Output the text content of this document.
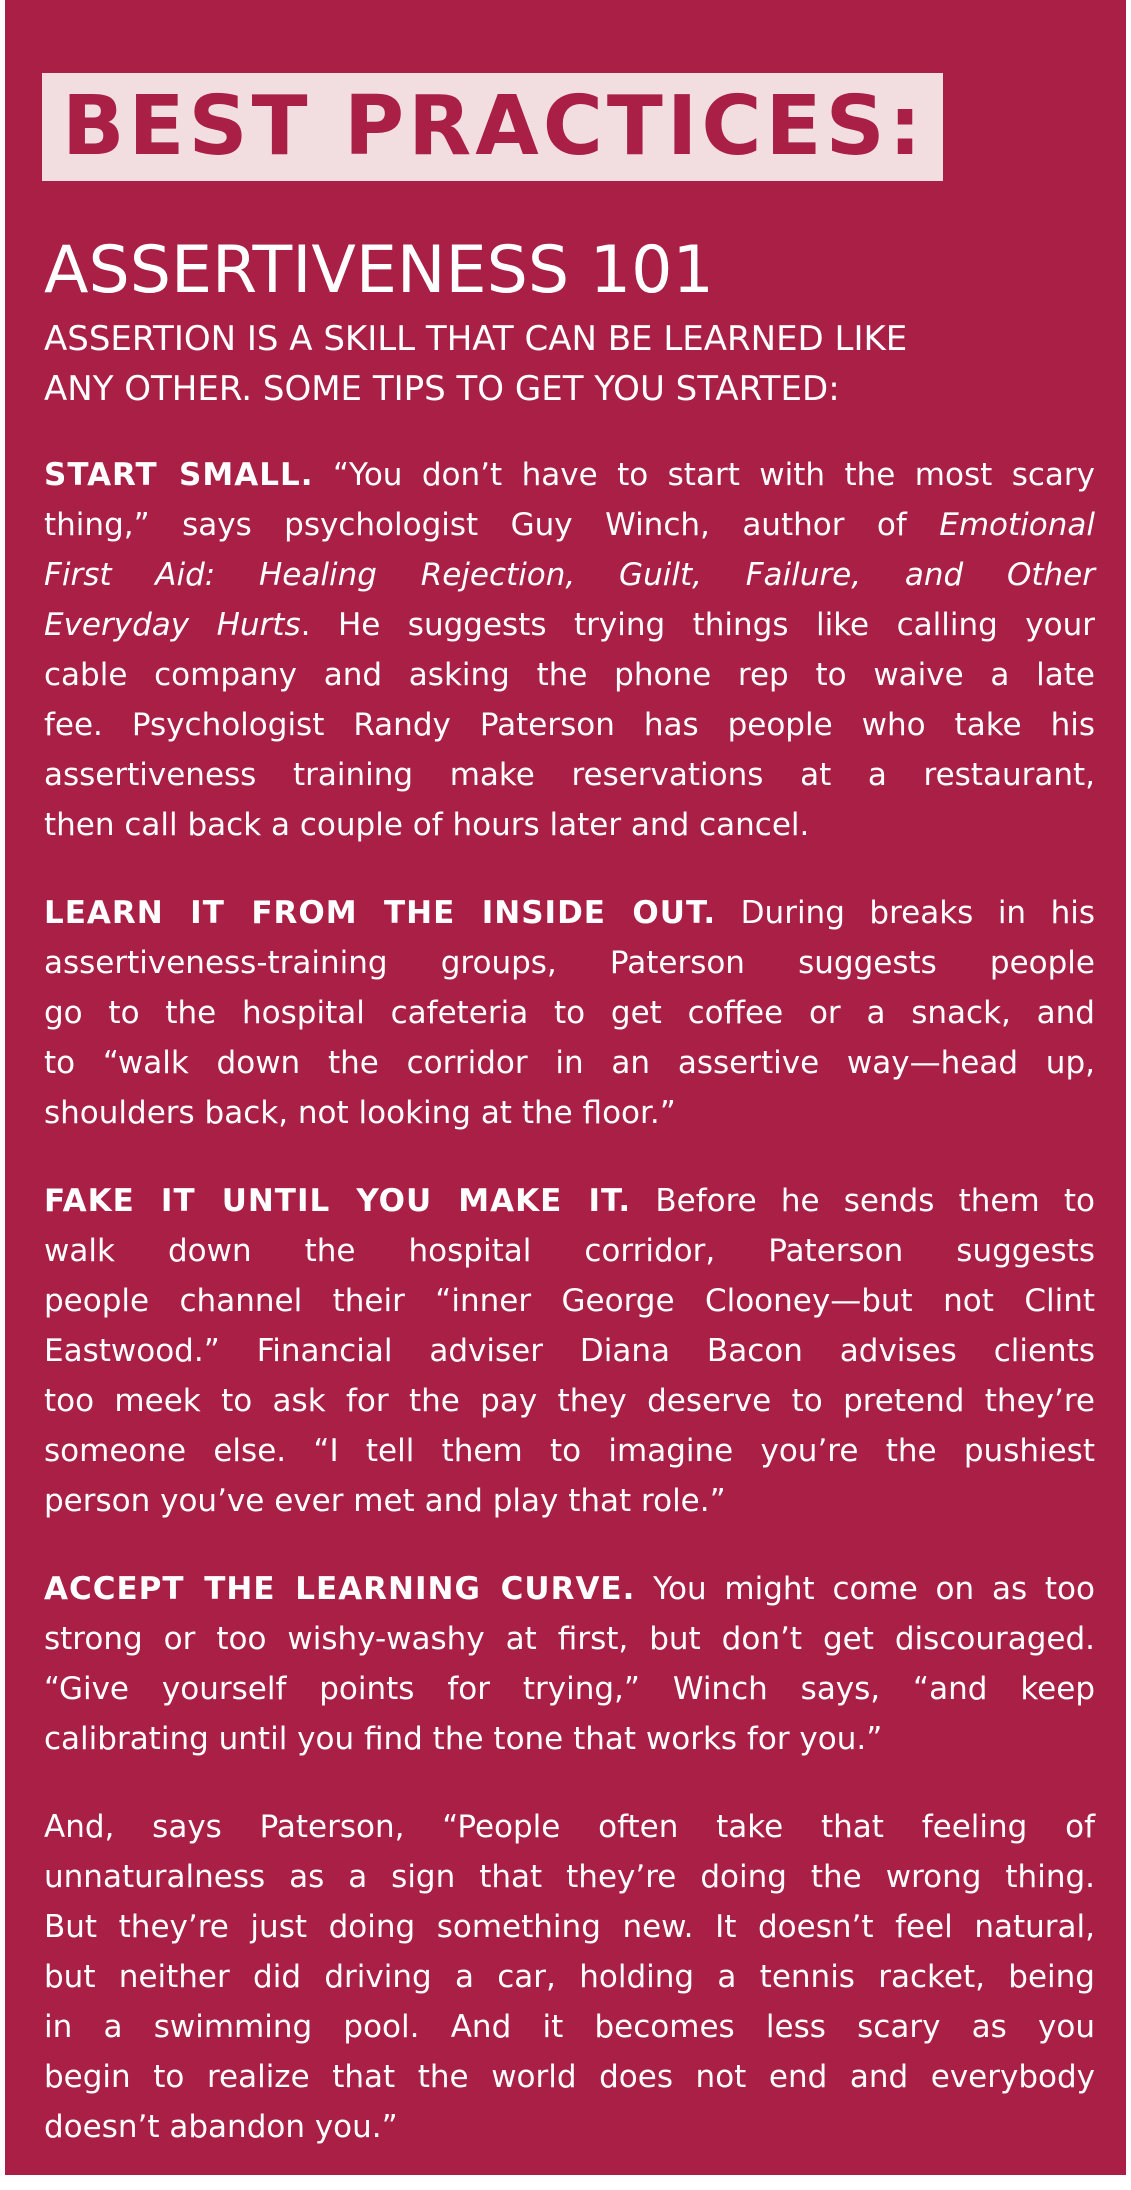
BEST PRACTICES:
ASSERTIVENESS 101
ASSERTION IS A SKILL THAT CAN BE LEARNED LIKE
ANY OTHER. SOME TIPS TO GET YOU STARTED:
START SMALL. “You don’t have to start with the most scary
thing,” says psychologist Guy Winch, author of Emotional
First Aid: Healing Rejection, Guilt, Failure, and Other
Everyday Hurts. He suggests trying things like calling your
cable company and asking the phone rep to waive a late
fee. Psychologist Randy Paterson has people who take his
assertiveness training make reservations at a restaurant,
then call back a couple of hours later and cancel.
LEARN IT FROM THE INSIDE OUT. During breaks in his
assertiveness-training groups, Paterson suggests people
go to the hospital cafeteria to get coffee or a snack, and
to “walk down the corridor in an assertive way—head up,
shoulders back, not looking at the floor.”
FAKE IT UNTIL YOU MAKE IT. Before he sends them to
walk down the hospital corridor, Paterson suggests
people channel their “inner George Clooney—but not Clint
Eastwood.” Financial adviser Diana Bacon advises clients
too meek to ask for the pay they deserve to pretend they’re
someone else. “I tell them to imagine you’re the pushiest
person you’ve ever met and play that role.”
ACCEPT THE LEARNING CURVE. You might come on as too
strong or too wishy-washy at first, but don’t get discouraged.
“Give yourself points for trying,” Winch says, “and keep
calibrating until you find the tone that works for you.”
And, says Paterson, “People often take that feeling of
unnaturalness as a sign that they’re doing the wrong thing.
But they’re just doing something new. It doesn’t feel natural,
but neither did driving a car, holding a tennis racket, being
in a swimming pool. And it becomes less scary as you
begin to realize that the world does not end and everybody
doesn’t abandon you.”
